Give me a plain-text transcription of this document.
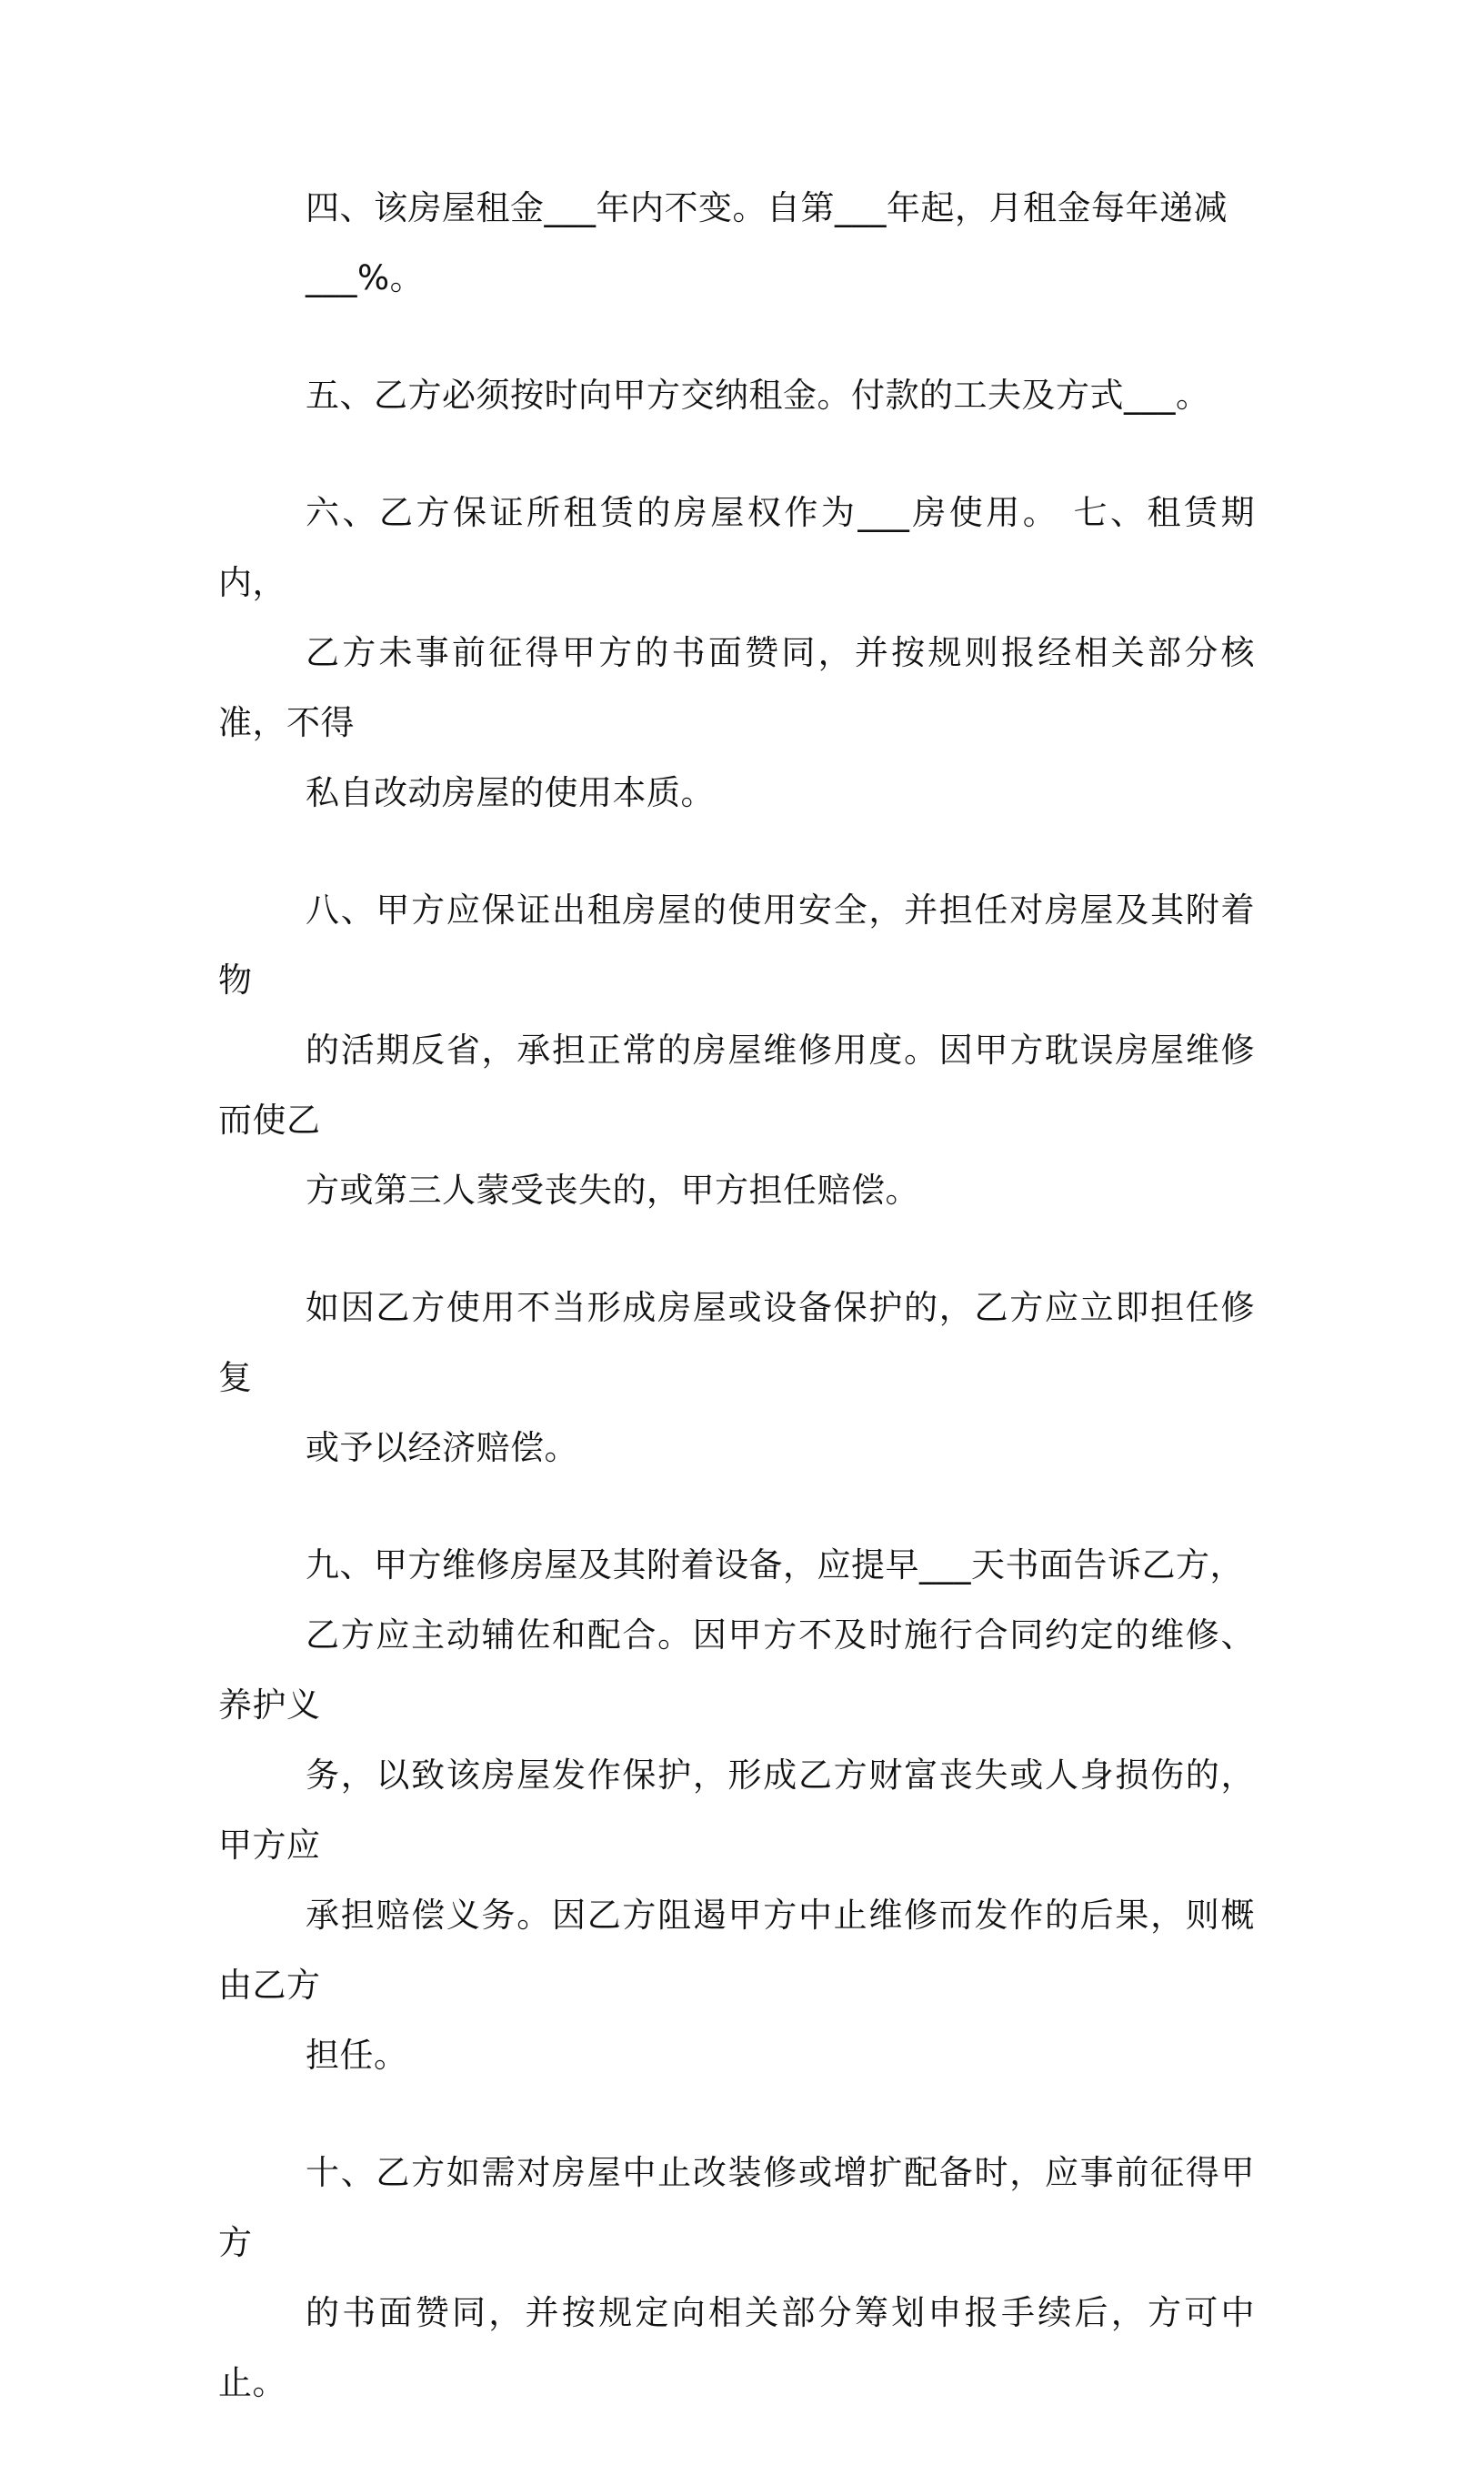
四、该房屋租金___年内不变。自第___年起，月租金每年递减
___%。

五、乙方必须按时向甲方交纳租金。付款的工夫及方式___。

六、乙方保证所租赁的房屋权作为___房使用。 七、租赁期内，
乙方未事前征得甲方的书面赞同，并按规则报经相关部分核准，不得
私自改动房屋的使用本质。

八、甲方应保证出租房屋的使用安全，并担任对房屋及其附着物
的活期反省，承担正常的房屋维修用度。因甲方耽误房屋维修而使乙
方或第三人蒙受丧失的，甲方担任赔偿。

如因乙方使用不当形成房屋或设备保护的，乙方应立即担任修复
或予以经济赔偿。

九、甲方维修房屋及其附着设备，应提早___天书面告诉乙方，
乙方应主动辅佐和配合。因甲方不及时施行合同约定的维修、养护义
务，以致该房屋发作保护，形成乙方财富丧失或人身损伤的，甲方应
承担赔偿义务。因乙方阻遏甲方中止维修而发作的后果，则概由乙方
担任。

十、乙方如需对房屋中止改装修或增扩配备时，应事前征得甲方
的书面赞同，并按规定向相关部分筹划申报手续后，方可中止。
